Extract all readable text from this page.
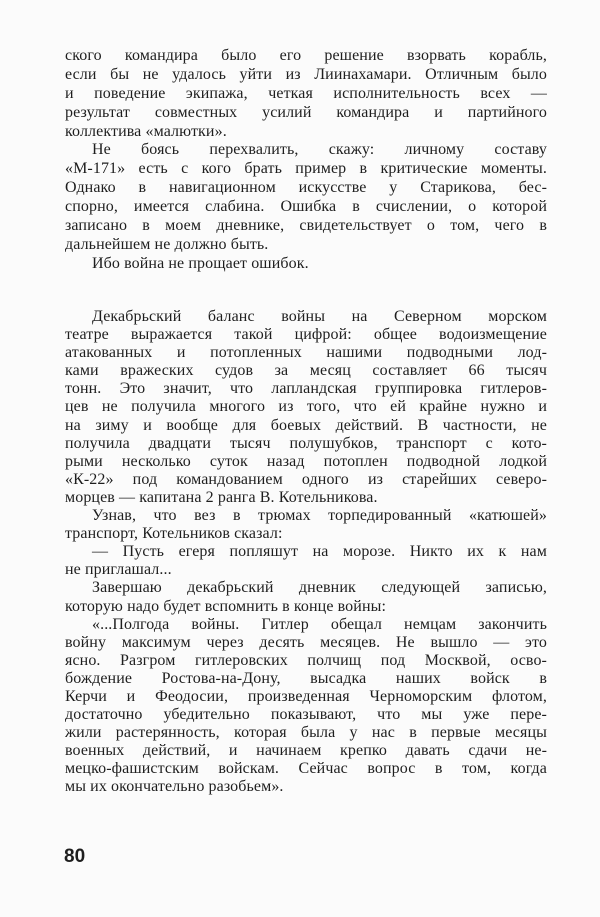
ского командира было его решение взорвать корабль,
если бы не удалось уйти из Лиинахамари. Отличным было
и поведение экипажа, четкая исполнительность всех —
результат совместных усилий командира и партийного
коллектива «малютки».
Не боясь перехвалить, скажу: личному составу
«М-171» есть с кого брать пример в критические моменты.
Однако в навигационном искусстве у Старикова, бес-
спорно, имеется слабина. Ошибка в счислении, о которой
записано в моем дневнике, свидетельствует о том, чего в
дальнейшем не должно быть.
Ибо война не прощает ошибок.
Декабрьский баланс войны на Северном морском
театре выражается такой цифрой: общее водоизмещение
атакованных и потопленных нашими подводными лод-
ками вражеских судов за месяц составляет 66 тысяч
тонн. Это значит, что лапландская группировка гитлеров-
цев не получила многого из того, что ей крайне нужно и
на зиму и вообще для боевых действий. В частности, не
получила двадцати тысяч полушубков, транспорт с кото-
рыми несколько суток назад потоплен подводной лодкой
«К-22» под командованием одного из старейших северо-
морцев — капитана 2 ранга В. Котельникова.
Узнав, что вез в трюмах торпедированный «катюшей»
транспорт, Котельников сказал:
— Пусть егеря попляшут на морозе. Никто их к нам
не приглашал...
Завершаю декабрьский дневник следующей записью,
которую надо будет вспомнить в конце войны:
«...Полгода войны. Гитлер обещал немцам закончить
войну максимум через десять месяцев. Не вышло — это
ясно. Разгром гитлеровских полчищ под Москвой, осво-
бождение Ростова-на-Дону, высадка наших войск в
Керчи и Феодосии, произведенная Черноморским флотом,
достаточно убедительно показывают, что мы уже пере-
жили растерянность, которая была у нас в первые месяцы
военных действий, и начинаем крепко давать сдачи не-
мецко-фашистским войскам. Сейчас вопрос в том, когда
мы их окончательно разобьем».
80
